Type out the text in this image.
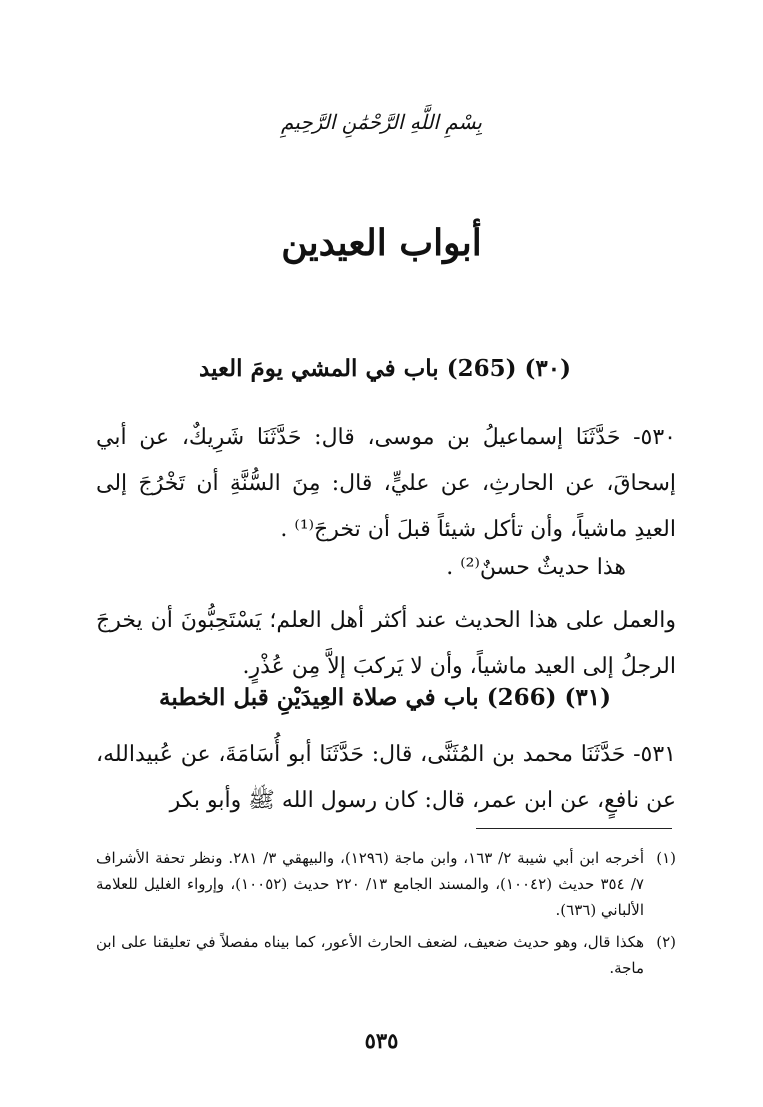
بِسْمِ اللَّهِ الرَّحْمَٰنِ الرَّحِيمِ
أبواب العيدين
(٣٠) (265) باب في المشي يومَ العيد
٥٣٠- حَدَّثَنَا إسماعيلُ بن موسى، قال: حَدَّثَنَا شَرِيكٌ، عن أبي إسحاقَ، عن الحارثِ، عن عليٍّ، قال: مِنَ السُّنَّةِ أن تَخْرُجَ إلى العيدِ ماشياً، وأن تأكل شيئاً قبلَ أن تخرجَ⁽¹⁾ .
هذا حديثٌ حسنٌ⁽²⁾ .
والعمل على هذا الحديث عند أكثر أهل العلم؛ يَسْتَحِبُّونَ أن يخرجَ الرجلُ إلى العيد ماشياً، وأن لا يَركبَ إلاَّ مِن عُذْرٍ.
(٣١) (266) باب في صلاة العِيدَيْنِ قبل الخطبة
٥٣١- حَدَّثَنَا محمد بن المُثَنَّى، قال: حَدَّثَنَا أبو أُسَامَةَ، عن عُبيدالله، عن نافعٍ، عن ابن عمر، قال: كان رسول الله ﷺ وأبو بكر
(١)
أخرجه ابن أبي شيبة ٢/ ١٦٣، وابن ماجة (١٢٩٦)، والبيهقي ٣/ ٢٨١. ونظر تحفة الأشراف ٧/ ٣٥٤ حديث (١٠٠٤٢)، والمسند الجامع ١٣/ ٢٢٠ حديث (١٠٠٥٢)، وإرواء الغليل للعلامة الألباني (٦٣٦).
(٢)
هكذا قال، وهو حديث ضعيف، لضعف الحارث الأعور، كما بيناه مفصلاً في تعليقنا على ابن ماجة.
٥٣٥
